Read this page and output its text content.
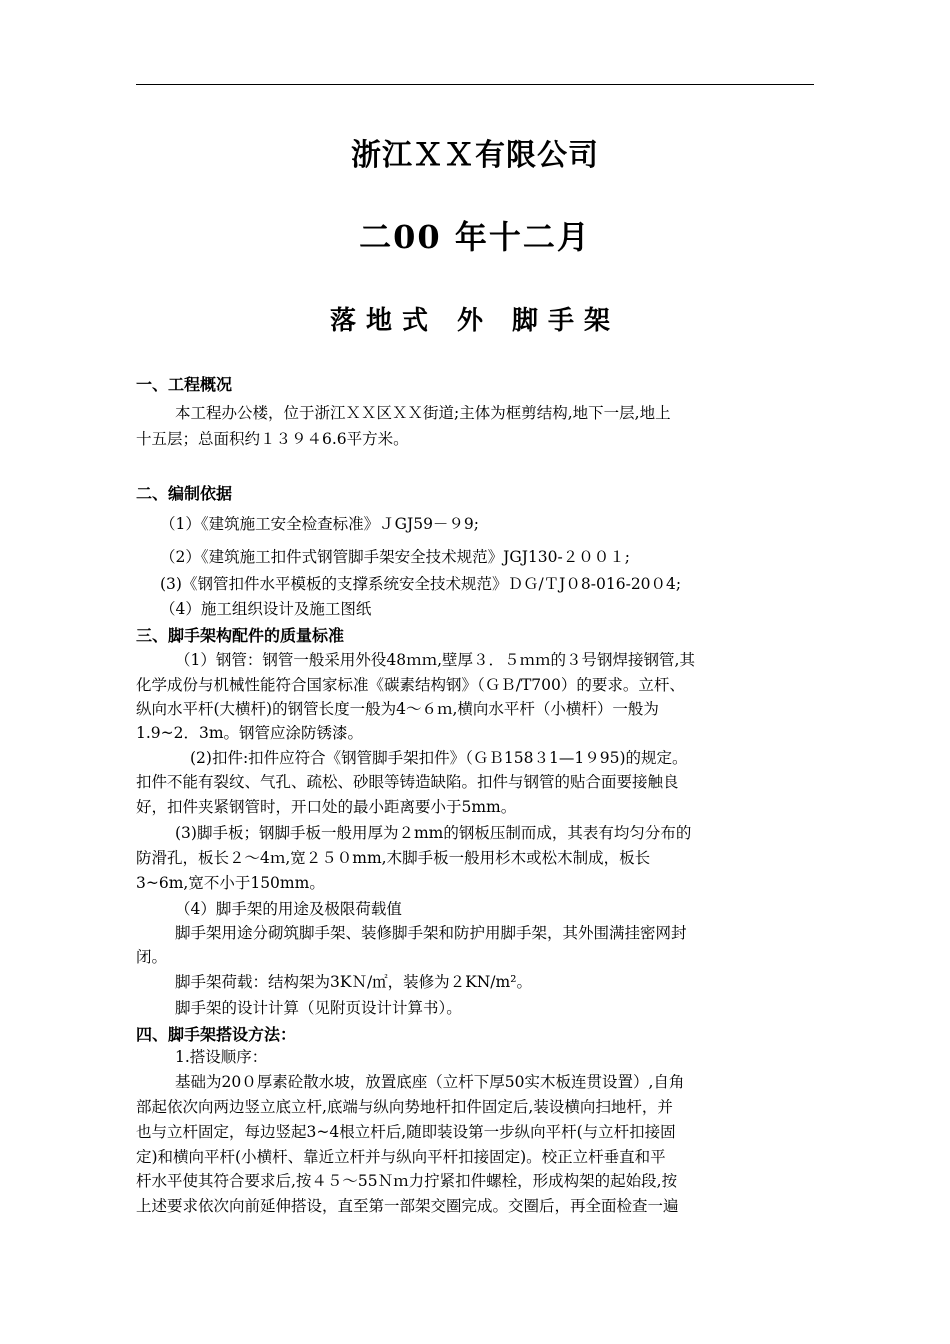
浙江ＸＸ有限公司
二00 年十二月
落地式 外 脚手架
一、工程概况
本工程办公楼，位于浙江ＸＸ区ＸＸ街道;主体为框剪结构,地下一层,地上
十五层；总面积约１３９４6.6平方米。
二、编制依据
（1）《建筑施工安全检查标准》ＪGJ59－９9;
（2）《建筑施工扣件式钢管脚手架安全技术规范》JGJ130-２００１;
(3)《钢管扣件水平模板的支撑系统安全技术规范》ＤＧ/ＴJ０8-016-20０4;
（4）施工组织设计及施工图纸
三、脚手架构配件的质量标准
（1）钢管：钢管一般采用外役48ｍｍ,壁厚３．５ｍｍ的３号钢焊接钢管,其
化学成份与机械性能符合国家标准《碳素结构钢》（ＧＢ/T700）的要求。立杆、
纵向水平杆(大横杆)的钢管长度一般为4～６ｍ,横向水平杆（小横杆）一般为
1.9~2．3m。钢管应涂防锈漆。
(2)扣件:扣件应符合《钢管脚手架扣件》（ＧＢ158３1—1９95)的规定。
扣件不能有裂纹、气孔、疏松、砂眼等铸造缺陷。扣件与钢管的贴合面要接触良
好，扣件夹紧钢管时，开口处的最小距离要小于5mm。
(3)脚手板；钢脚手板一般用厚为２mm的钢板压制而成，其表有均匀分布的
防滑孔，板长２～4ｍ,宽２５０mm,木脚手板一般用杉木或松木制成，板长
3~6m,宽不小于150mm。
（4）脚手架的用途及极限荷载值
脚手架用途分砌筑脚手架、装修脚手架和防护用脚手架，其外围满挂密网封
闭。
脚手架荷载：结构架为3KＮ/㎡，装修为２KN/m²。
脚手架的设计计算（见附页设计计算书）。
四、脚手架搭设方法：
1.搭设顺序：
基础为20０厚素砼散水坡，放置底座（立杆下厚50实木板连贯设置）,自角
部起依次向两边竖立底立杆,底端与纵向势地杆扣件固定后,装设横向扫地杆，并
也与立杆固定，每边竖起3~4根立杆后,随即装设第一步纵向平杆(与立杆扣接固
定)和横向平杆(小横杆、靠近立杆并与纵向平杆扣接固定)。校正立杆垂直和平
杆水平使其符合要求后,按４５～55Ｎｍ力拧紧扣件螺栓，形成构架的起始段,按
上述要求依次向前延伸搭设，直至第一部架交圈完成。交圈后，再全面检查一遍
